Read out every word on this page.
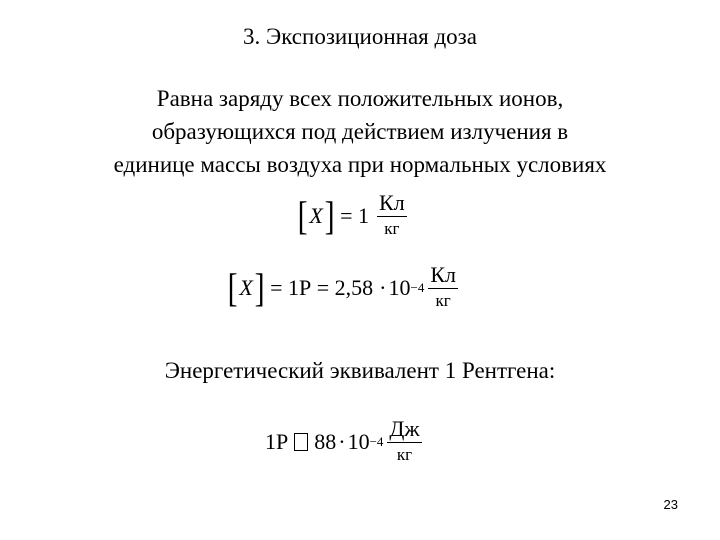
3. Экспозиционная доза
Равна заряду всех положительных ионов,
образующихся под действием излучения в
единице массы воздуха при нормальных условиях
[ X ] = $1 \frac{Кл}{кг}$
[ X ] = $1Р = 2,58 \cdot 10 -4 \frac{Кл}{кг}$
Энергетический эквивалент 1 Рентгена:
1Р $88 \cdot 10 -4 \frac{Дж}{кг}$
23
